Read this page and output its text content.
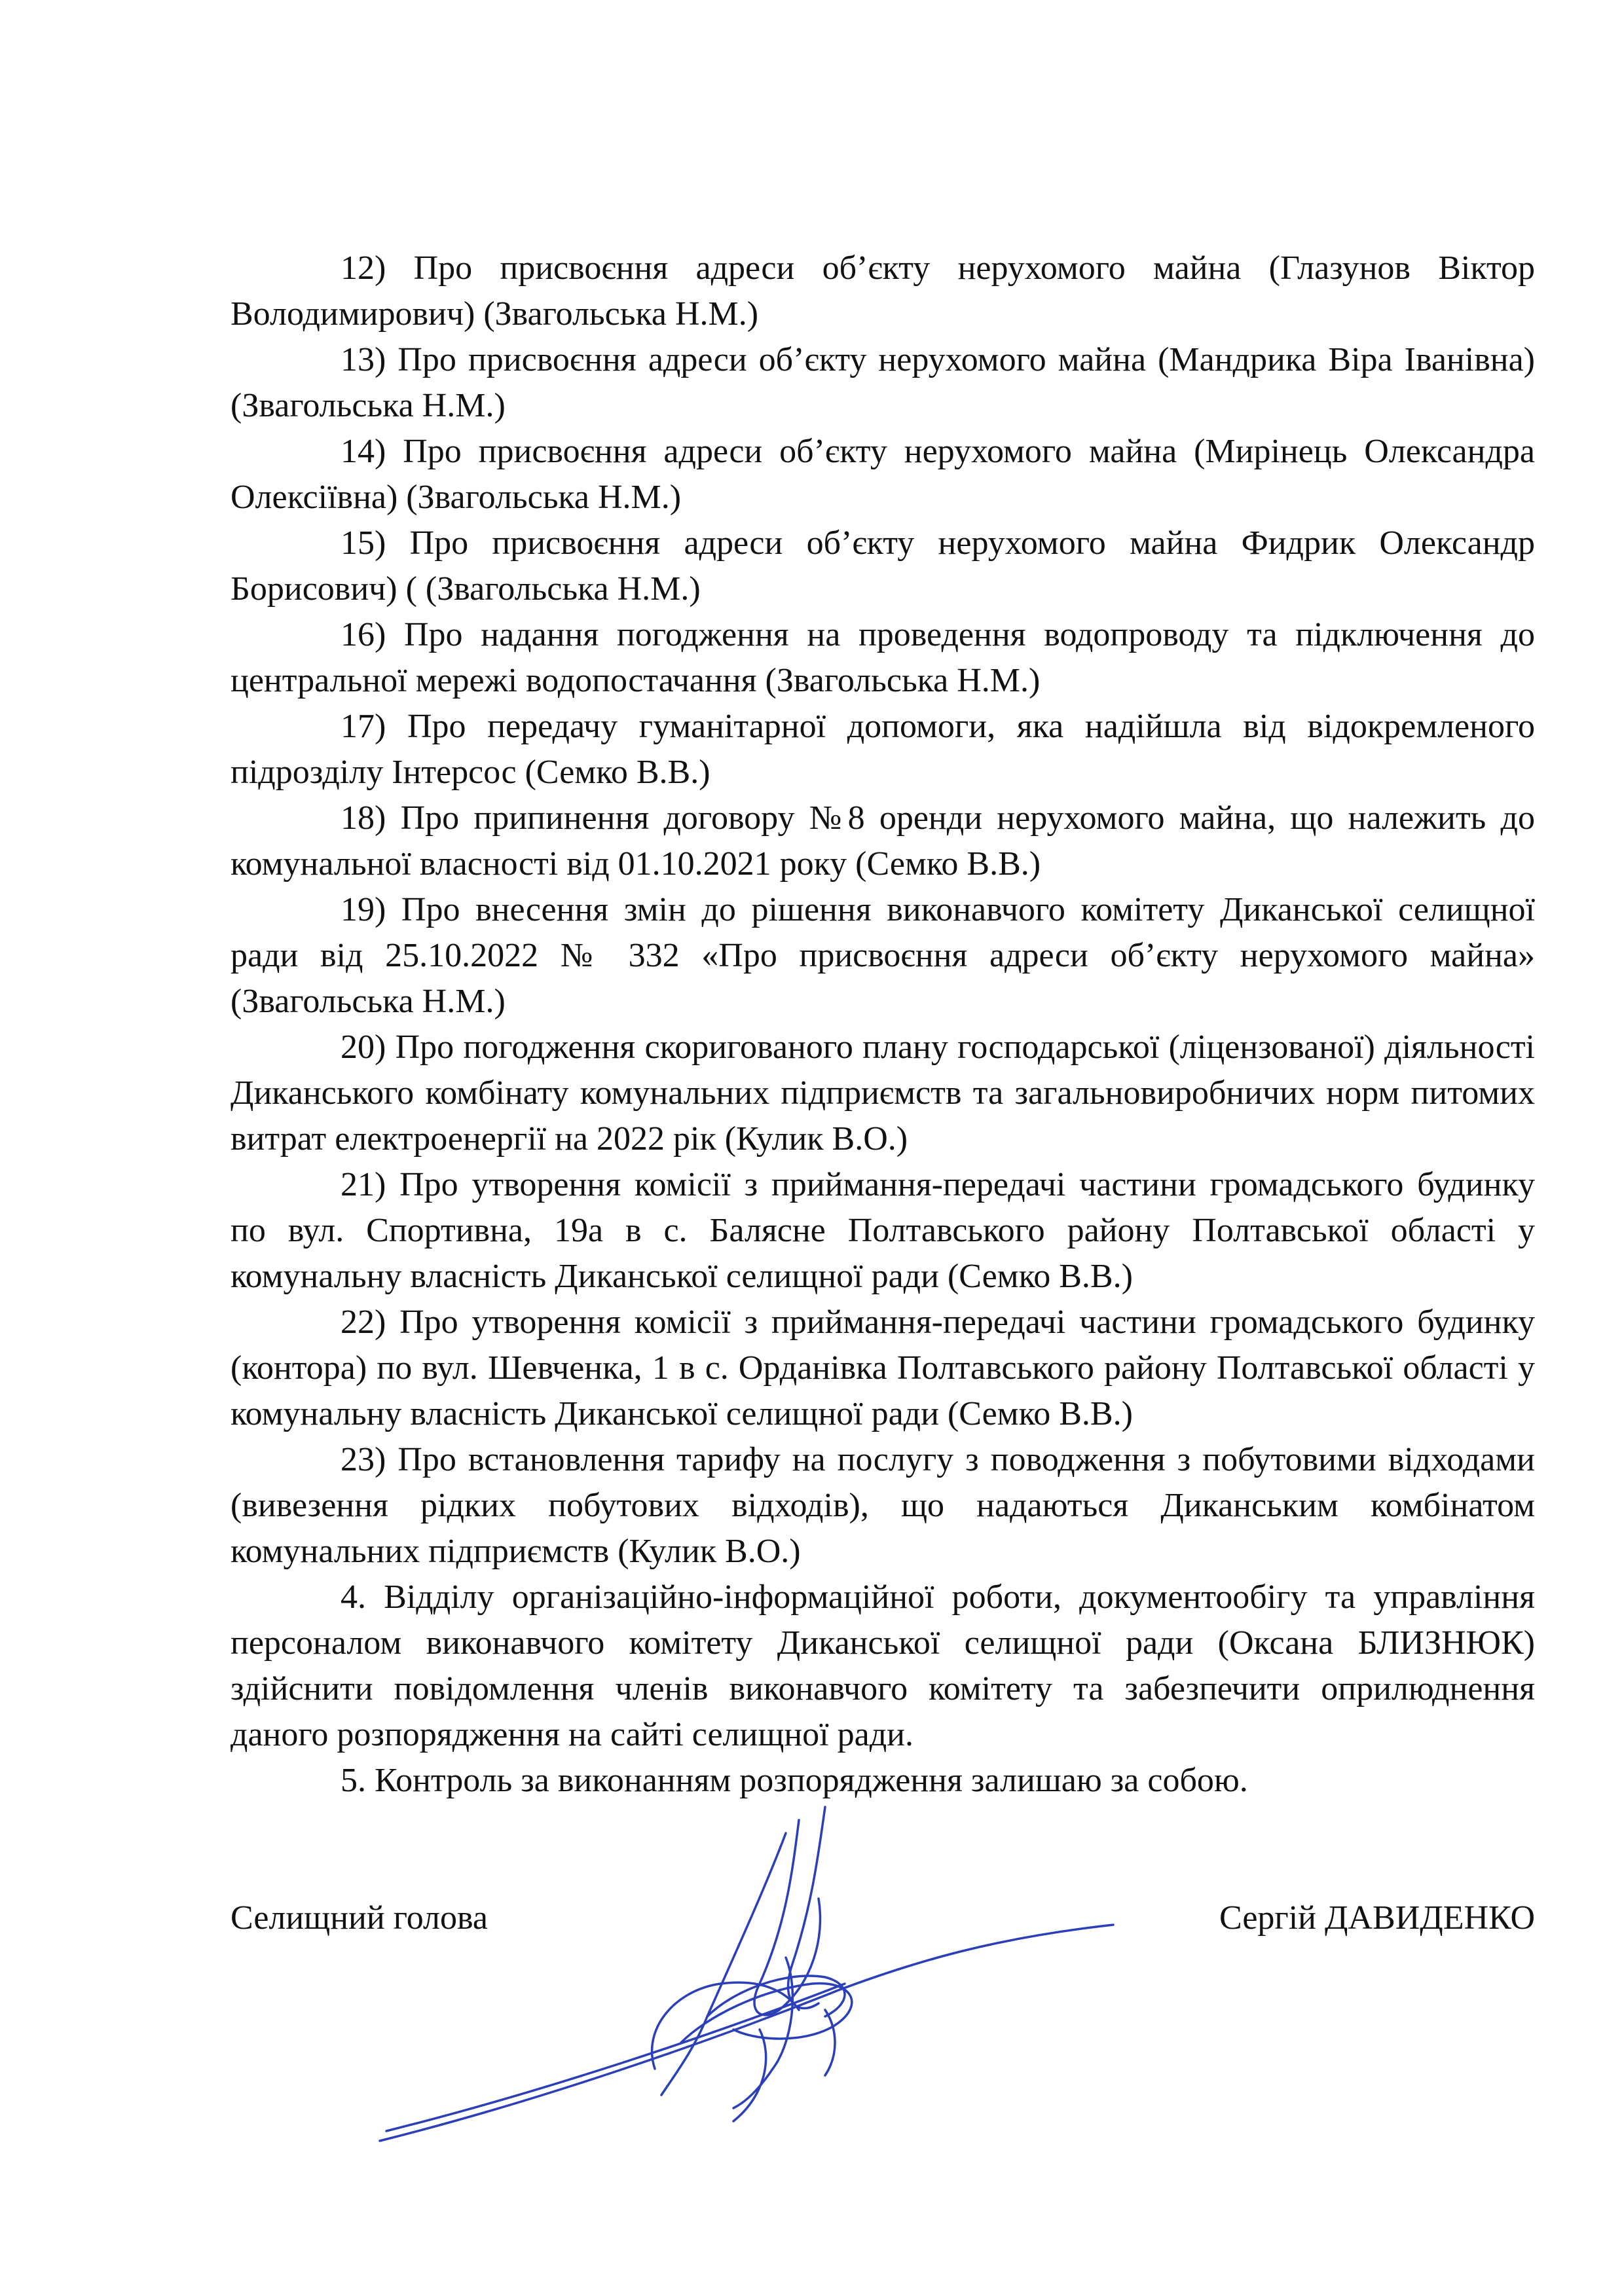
12) Про присвоєння адреси об’єкту нерухомого майна (Глазунов Віктор Володимирович) (Звагольська Н.М.)

13) Про присвоєння адреси об’єкту нерухомого майна (Мандрика Віра Іванівна) (Звагольська Н.М.)

14) Про присвоєння адреси об’єкту нерухомого майна (Мирінець Олександра Олексіївна) (Звагольська Н.М.)

15) Про присвоєння адреси об’єкту нерухомого майна Фидрик Олександр Борисович) ( (Звагольська Н.М.)

16) Про надання погодження на проведення водопроводу та підключення до центральної мережі водопостачання (Звагольська Н.М.)

17) Про передачу гуманітарної допомоги, яка надійшла від відокремленого підрозділу Інтерсос (Семко В.В.)

18) Про припинення договору №8 оренди нерухомого майна, що належить до комунальної власності від 01.10.2021 року (Семко В.В.)

19) Про внесення змін до рішення виконавчого комітету Диканської селищної ради від 25.10.2022 № 332 «Про присвоєння адреси об’єкту нерухомого майна» (Звагольська Н.М.)

20) Про погодження скоригованого плану господарської (ліцензованої) діяльності Диканського комбінату комунальних підприємств та загальновиробничих норм питомих витрат електроенергії на 2022 рік (Кулик В.О.)

21) Про утворення комісії з приймання-передачі частини громадського будинку по вул. Спортивна, 19а в с. Балясне Полтавського району Полтавської області у комунальну власність Диканської селищної ради (Семко В.В.)

22) Про утворення комісії з приймання-передачі частини громадського будинку (контора) по вул. Шевченка, 1 в с. Орданівка Полтавського району Полтавської області у комунальну власність Диканської селищної ради (Семко В.В.)

23) Про встановлення тарифу на послугу з поводження з побутовими відходами (вивезення рідких побутових відходів), що надаються Диканським комбінатом комунальних підприємств (Кулик В.О.)

4. Відділу організаційно-інформаційної роботи, документообігу та управління персоналом виконавчого комітету Диканської селищної ради (Оксана БЛИЗНЮК) здійснити повідомлення членів виконавчого комітету та забезпечити оприлюднення даного розпорядження на сайті селищної ради.

5. Контроль за виконанням розпорядження залишаю за собою.

Селищний голова	Сергій ДАВИДЕНКО
